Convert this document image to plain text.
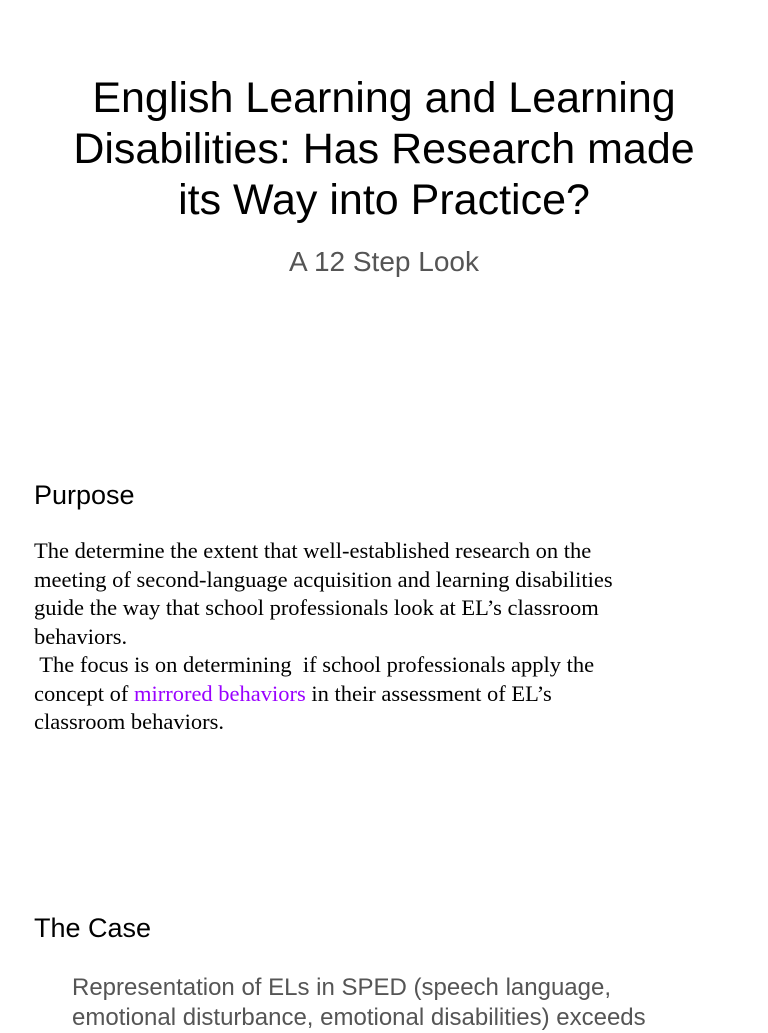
English Learning and Learning
Disabilities: Has Research made
its Way into Practice?
A 12 Step Look
Purpose

The determine the extent that well-established research on the
meeting of second-language acquisition and learning disabilities
guide the way that school professionals look at EL’s classroom
behaviors.
The focus is on determining  if school professionals apply the
concept of mirrored behaviors in their assessment of EL’s
classroom behaviors.

The Case

Representation of ELs in SPED (speech language,
emotional disturbance, emotional disabilities) exceeds
